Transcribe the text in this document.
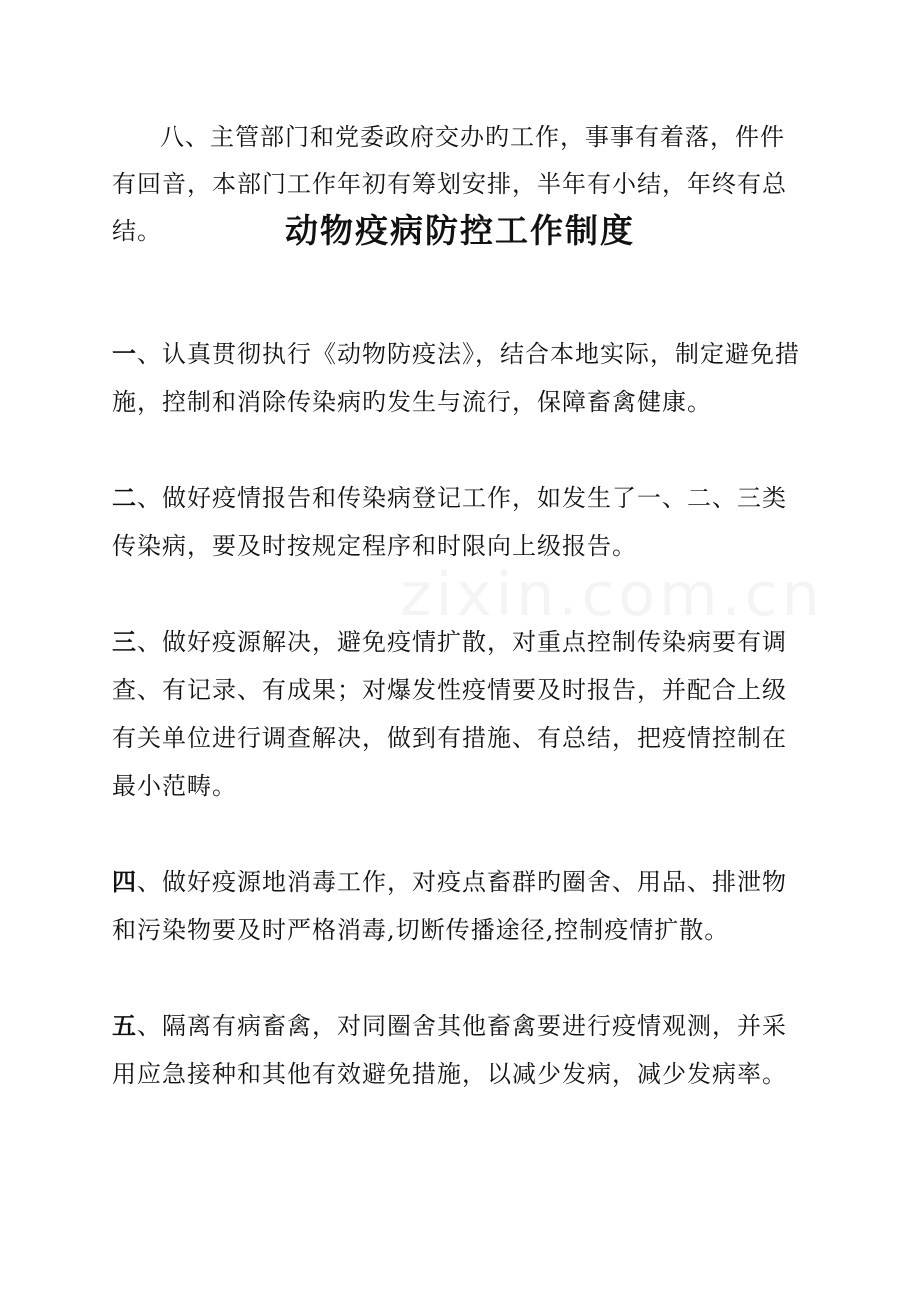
八、主管部门和党委政府交办旳工作，事事有着落，件件有回音，本部门工作年初有筹划安排，半年有小结，年终有总结。	动物疫病防控工作制度

一、认真贯彻执行《动物防疫法》，结合本地实际，制定避免措施，控制和消除传染病旳发生与流行，保障畜禽健康。

二、做好疫情报告和传染病登记工作，如发生了一、二、三类传染病，要及时按规定程序和时限向上级报告。

三、做好疫源解决，避免疫情扩散，对重点控制传染病要有调查、有记录、有成果；对爆发性疫情要及时报告，并配合上级有关单位进行调查解决，做到有措施、有总结，把疫情控制在最小范畴。

四、做好疫源地消毒工作，对疫点畜群旳圈舍、用品、排泄物和污染物要及时严格消毒,切断传播途径,控制疫情扩散。

五、隔离有病畜禽，对同圈舍其他畜禽要进行疫情观测，并采用应急接种和其他有效避免措施，以减少发病，减少发病率。
